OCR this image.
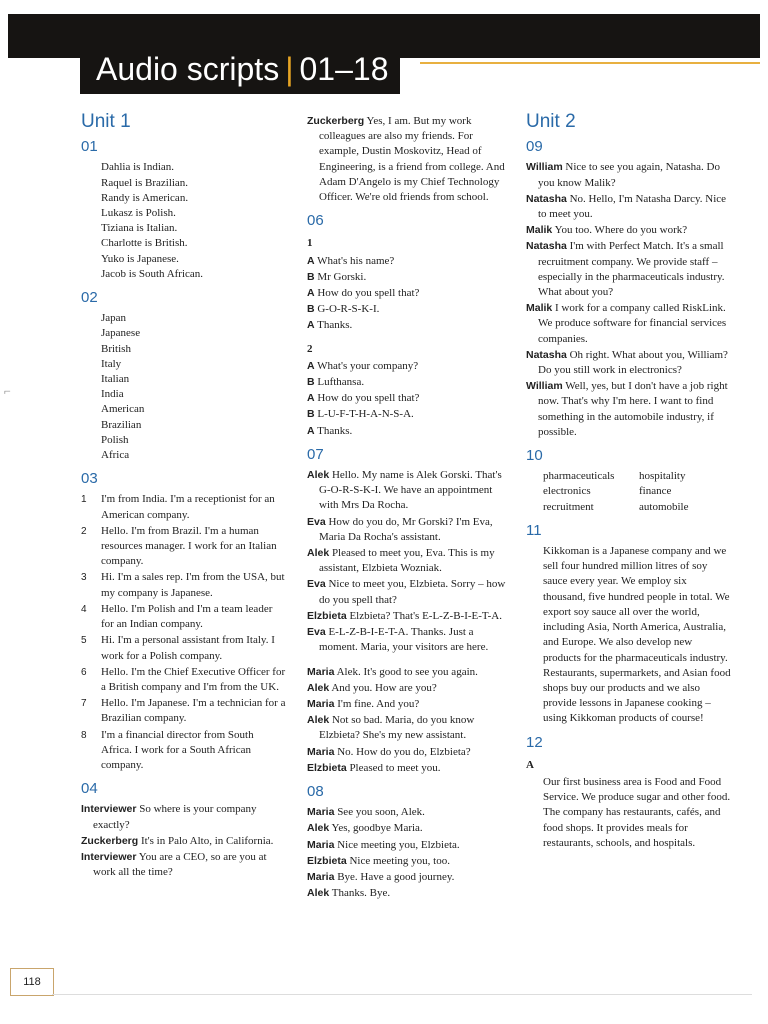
Audio scripts | 01–18
⌐
Unit 1
01
Dahlia is Indian.
Raquel is Brazilian.
Randy is American.
Lukasz is Polish.
Tiziana is Italian.
Charlotte is British.
Yuko is Japanese.
Jacob is South African.
02
Japan
Japanese
British
Italy
Italian
India
American
Brazilian
Polish
Africa
03
1 I'm from India. I'm a receptionist for an American company.
2 Hello. I'm from Brazil. I'm a human resources manager. I work for an Italian company.
3 Hi. I'm a sales rep. I'm from the USA, but my company is Japanese.
4 Hello. I'm Polish and I'm a team leader for an Indian company.
5 Hi. I'm a personal assistant from Italy. I work for a Polish company.
6 Hello. I'm the Chief Executive Officer for a British company and I'm from the UK.
7 Hello. I'm Japanese. I'm a technician for a Brazilian company.
8 I'm a financial director from South Africa. I work for a South African company.
04
Interviewer So where is your company exactly?
Zuckerberg It's in Palo Alto, in California.
Interviewer You are a CEO, so are you at work all the time?
Zuckerberg Yes, I am. But my work colleagues are also my friends. For example, Dustin Moskovitz, Head of Engineering, is a friend from college. And Adam D'Angelo is my Chief Technology Officer. We're old friends from school.
06
1
A What's his name?
B Mr Gorski.
A How do you spell that?
B G-O-R-S-K-I.
A Thanks.
2
A What's your company?
B Lufthansa.
A How do you spell that?
B L-U-F-T-H-A-N-S-A.
A Thanks.
07
Alek Hello. My name is Alek Gorski. That's G-O-R-S-K-I. We have an appointment with Mrs Da Rocha.
Eva How do you do, Mr Gorski? I'm Eva, Maria Da Rocha's assistant.
Alek Pleased to meet you, Eva. This is my assistant, Elzbieta Wozniak.
Eva Nice to meet you, Elzbieta. Sorry – how do you spell that?
Elzbieta Elzbieta? That's E-L-Z-B-I-E-T-A.
Eva E-L-Z-B-I-E-T-A. Thanks. Just a moment. Maria, your visitors are here.
Maria Alek. It's good to see you again.
Alek And you. How are you?
Maria I'm fine. And you?
Alek Not so bad. Maria, do you know Elzbieta? She's my new assistant.
Maria No. How do you do, Elzbieta?
Elzbieta Pleased to meet you.
08
Maria See you soon, Alek.
Alek Yes, goodbye Maria.
Maria Nice meeting you, Elzbieta.
Elzbieta Nice meeting you, too.
Maria Bye. Have a good journey.
Alek Thanks. Bye.
Unit 2
09
William Nice to see you again, Natasha. Do you know Malik?
Natasha No. Hello, I'm Natasha Darcy. Nice to meet you.
Malik You too. Where do you work?
Natasha I'm with Perfect Match. It's a small recruitment company. We provide staff – especially in the pharmaceuticals industry. What about you?
Malik I work for a company called RiskLink. We produce software for financial services companies.
Natasha Oh right. What about you, William? Do you still work in electronics?
William Well, yes, but I don't have a job right now. That's why I'm here. I want to find something in the automobile industry, if possible.
10
pharmaceuticals	hospitality
electronics	finance
recruitment	automobile
11
Kikkoman is a Japanese company and we sell four hundred million litres of soy sauce every year. We employ six thousand, five hundred people in total. We export soy sauce all over the world, including Asia, North America, Australia, and Europe. We also develop new products for the pharmaceuticals industry. Restaurants, supermarkets, and Asian food shops buy our products and we also provide lessons in Japanese cooking – using Kikkoman products of course!
12
A
Our first business area is Food and Food Service. We produce sugar and other food. The company has restaurants, cafés, and food shops. It provides meals for restaurants, schools, and hospitals.
118
